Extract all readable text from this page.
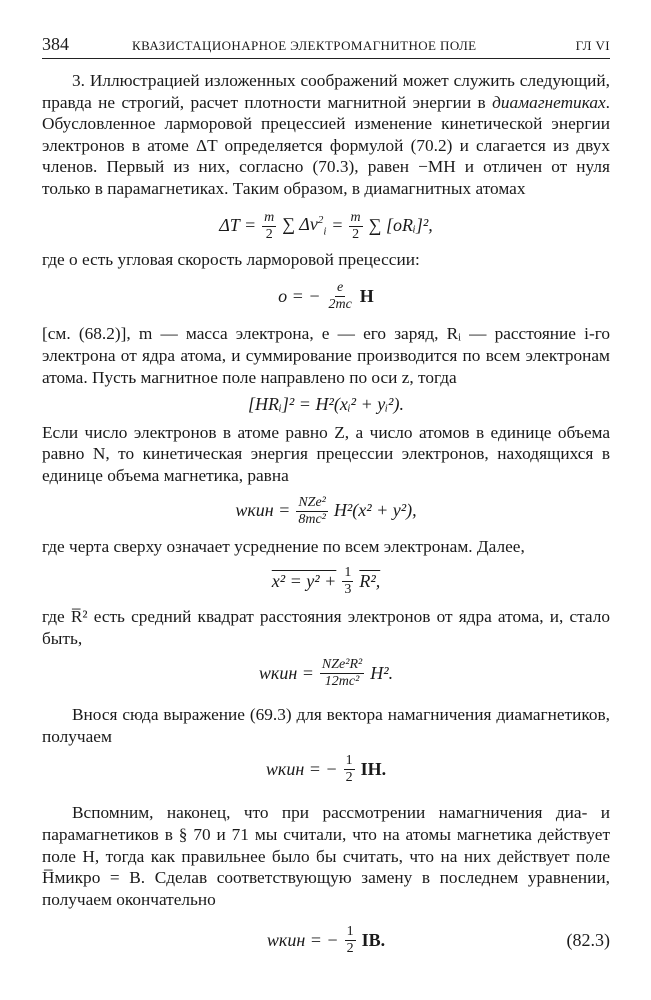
384	КВАЗИСТАЦИОНАРНОЕ ЭЛЕКТРОМАГНИТНОЕ ПОЛЕ	ГЛ VI

3. Иллюстрацией изложенных соображений может служить следующий, правда не строгий, расчет плотности магнитной энергии в диамагнетиках. Обусловленное ларморовой прецессией изменение кинетической энергии электронов в атоме ΔT определяется формулой (70.2) и слагается из двух членов. Первый из них, согласно (70.3), равен −MH и отличен от нуля только в парамагнетиках. Таким образом, в диамагнитных атомах

$\Delta T = \frac{m}{2}$ ∑ $\Delta v^2_i = \frac{m}{2}$ ∑ [oRᵢ]²,

где o есть угловая скорость ларморовой прецессии:

o = − $\frac{e}{2mc}$ H

[см. (68.2)], m — масса электрона, e — его заряд, Rᵢ — расстояние i-го электрона от ядра атома, и суммирование производится по всем электронам атома. Пусть магнитное поле направлено по оси z, тогда

[HRᵢ]² = H²(xᵢ² + yᵢ²).

Если число электронов в атоме равно Z, а число атомов в единице объема равно N, то кинетическая энергия прецессии электронов, находящихся в единице объема магнетика, равна

wкин = $\frac{\text{NZe²}}{\text{8mc²}} H^2(x^2 + y^2)$,

где черта сверху означает усреднение по всем электронам. Далее,

$x^2 = y^2 + \frac{1}{3} R^2$,

где R̅² есть средний квадрат расстояния электронов от ядра атома, и, стало быть,

wкин = $\frac{\text{NZe²R²}}{\text{12mc²}} H^2$.

Внося сюда выражение (69.3) для вектора намагничения диамагнетиков, получаем

wкин = − $\frac{1}{2}$ IH.

Вспомним, наконец, что при рассмотрении намагничения диа- и парамагнетиков в § 70 и 71 мы считали, что на атомы магнетика действует поле H, тогда как правильнее было бы считать, что на них действует поле H̅микро = B. Сделав соответствующую замену в последнем уравнении, получаем окончательно

wкин = − $\frac{1}{2}$ IB.	(82.3)
